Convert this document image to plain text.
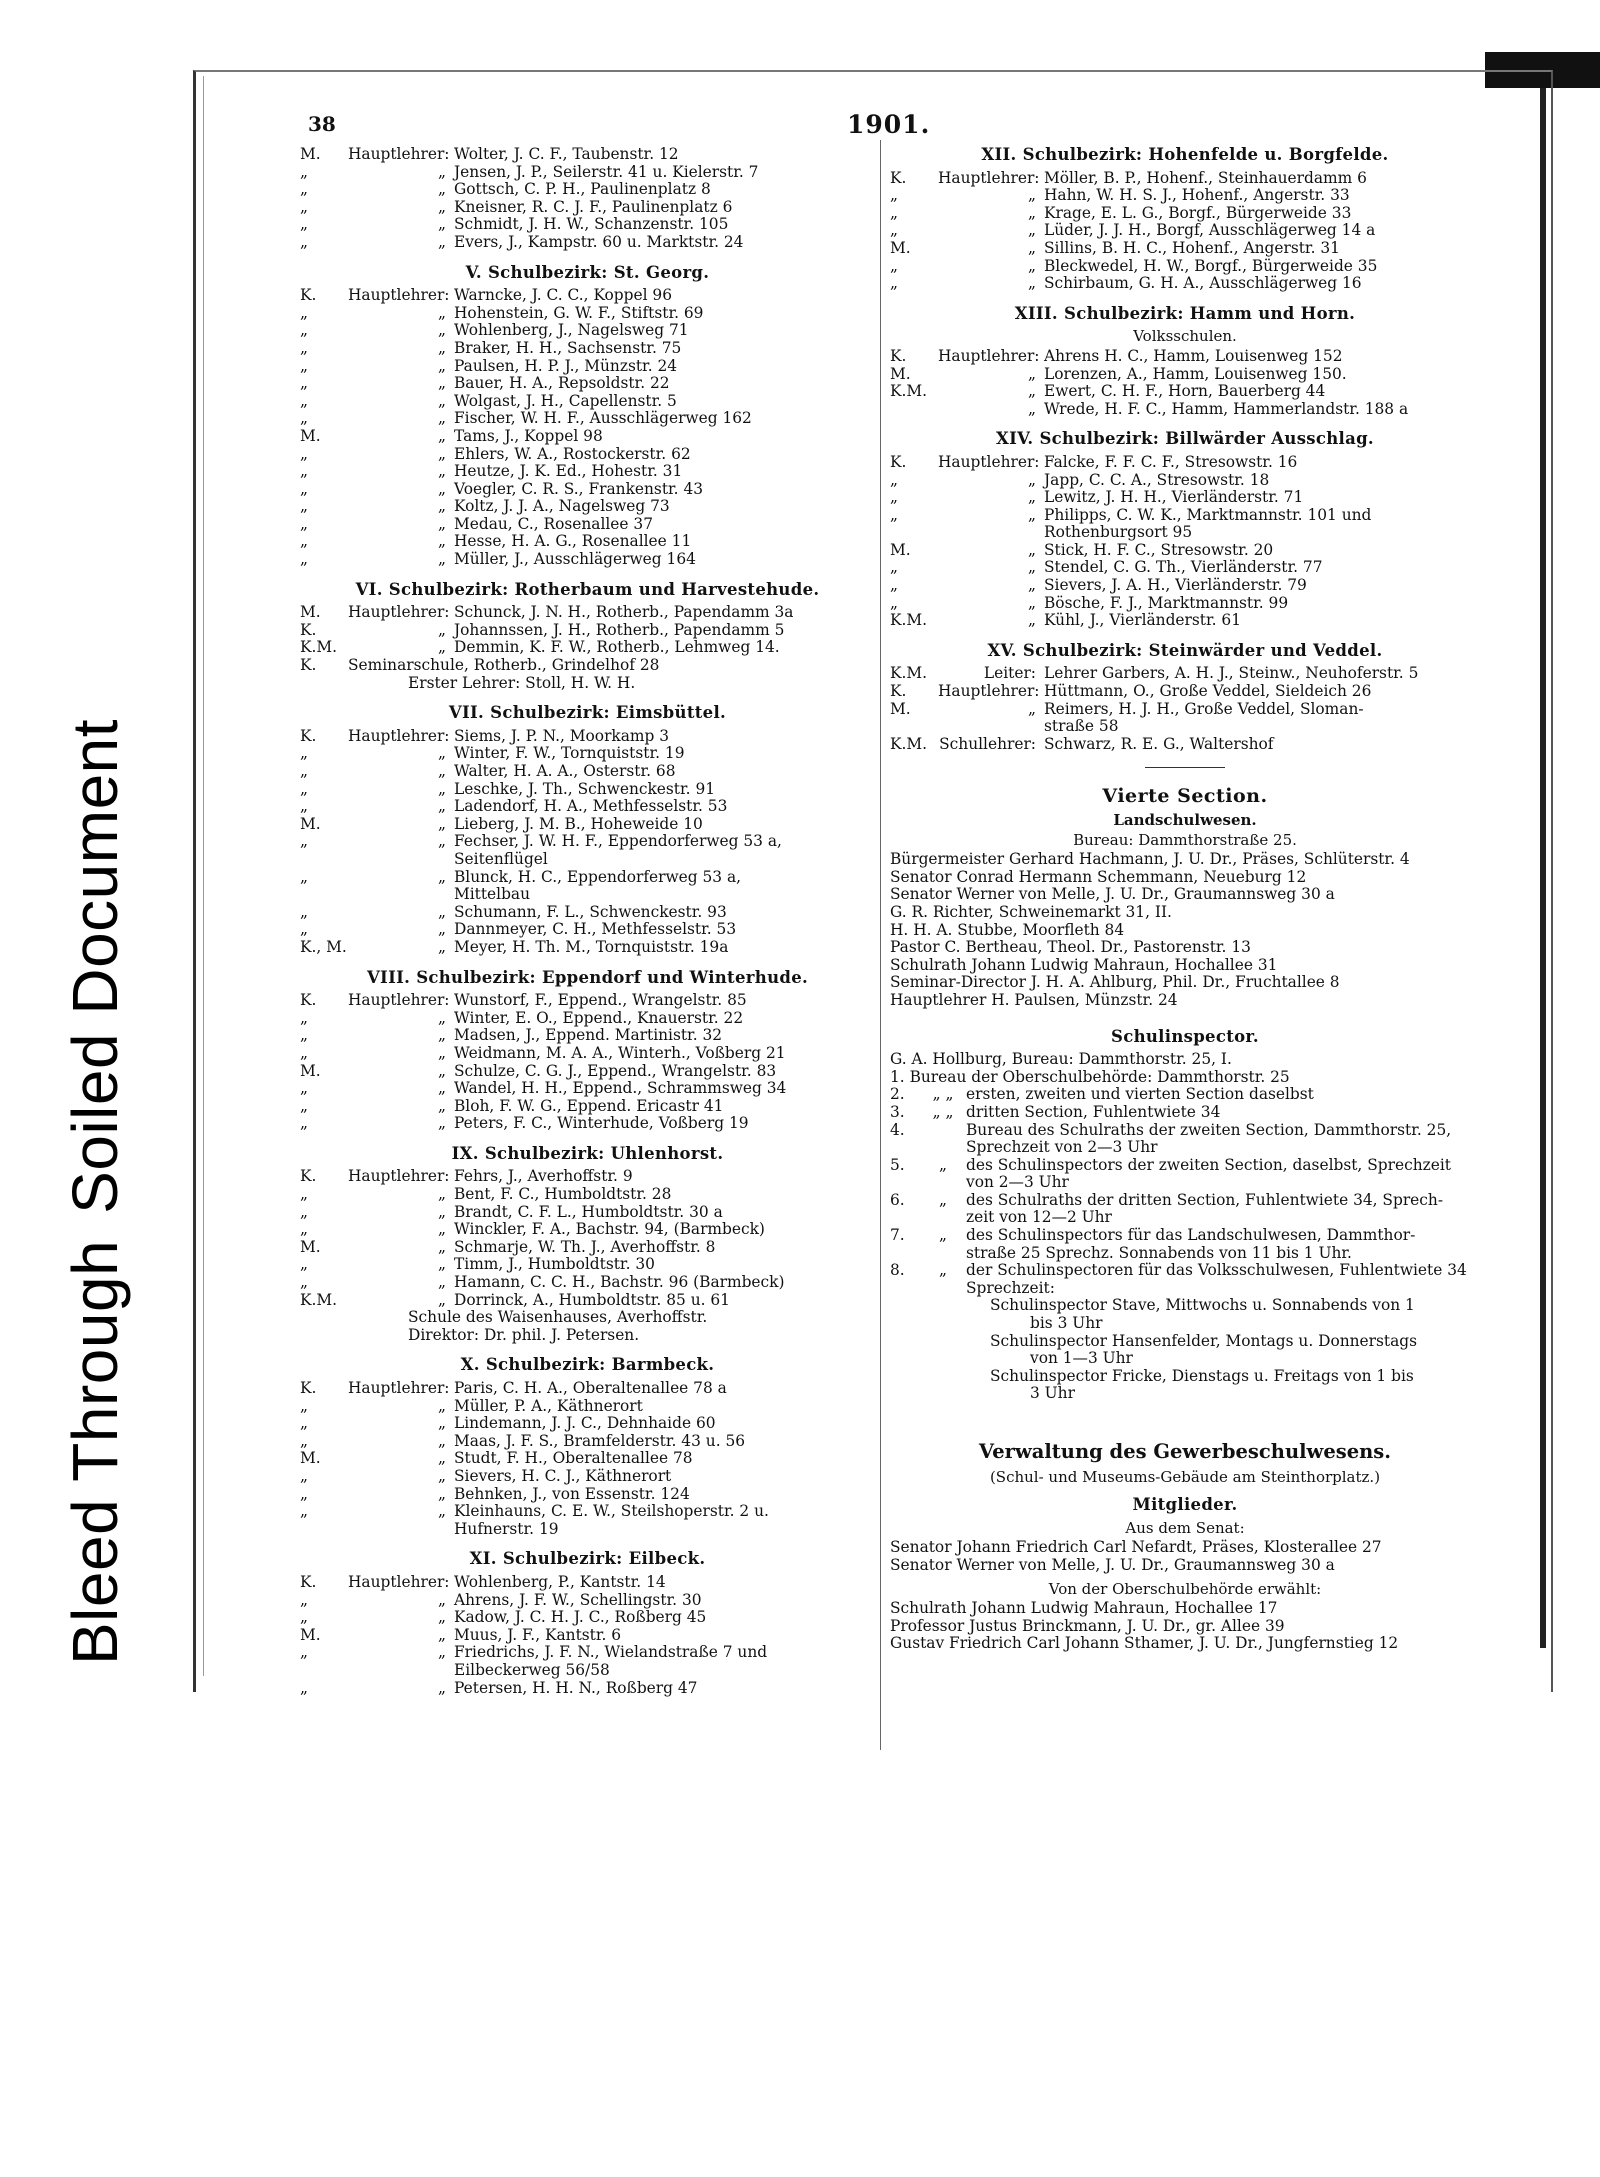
Bleed Through
Soiled Document
38	1901.
M.	Hauptlehrer: Wolter, J. C. F., Taubenstr. 12
„	„ Jensen, J. P., Seilerstr. 41 u. Kielerstr. 7
„	„ Gottsch, C. P. H., Paulinenplatz 8
„	„ Kneisner, R. C. J. F., Paulinenplatz 6
„	„ Schmidt, J. H. W., Schanzenstr. 105
„	„ Evers, J., Kampstr. 60 u. Marktstr. 24
V. Schulbezirk: St. Georg.
K.	Hauptlehrer: Warncke, J. C. C., Koppel 96
„	„ Hohenstein, G. W. F., Stiftstr. 69
„	„ Wohlenberg, J., Nagelsweg 71
„	„ Braker, H. H., Sachsenstr. 75
„	„ Paulsen, H. P. J., Münzstr. 24
„	„ Bauer, H. A., Repsoldstr. 22
„	„ Wolgast, J. H., Capellenstr. 5
„	„ Fischer, W. H. F., Ausschlägerweg 162
M.	„ Tams, J., Koppel 98
„	„ Ehlers, W. A., Rostockerstr. 62
„	„ Heutze, J. K. Ed., Hohestr. 31
„	„ Voegler, C. R. S., Frankenstr. 43
„	„ Koltz, J. J. A., Nagelsweg 73
„	„ Medau, C., Rosenallee 37
„	„ Hesse, H. A. G., Rosenallee 11
„	„ Müller, J., Ausschlägerweg 164
VI. Schulbezirk: Rotherbaum und Harvestehude.
M.	Hauptlehrer: Schunck, J. N. H., Rotherb., Papendamm 3a
K.	„ Johannssen, J. H., Rotherb., Papendamm 5
K.M.	„ Demmin, K. F. W., Rotherb., Lehmweg 14.
K.	Seminarschule, Rotherb., Grindelhof 28
Erster Lehrer: Stoll, H. W. H.
VII. Schulbezirk: Eimsbüttel.
K.	Hauptlehrer: Siems, J. P. N., Moorkamp 3
„	„ Winter, F. W., Tornquiststr. 19
„	„ Walter, H. A. A., Osterstr. 68
„	„ Leschke, J. Th., Schwenckestr. 91
„	„ Ladendorf, H. A., Methfesselstr. 53
M.	„ Lieberg, J. M. B., Hoheweide 10
„	„ Fechser, J. W. H. F., Eppendorferweg 53 a,
Seitenflügel
„	„ Blunck, H. C., Eppendorferweg 53 a,
Mittelbau
„	„ Schumann, F. L., Schwenckestr. 93
„	„ Dannmeyer, C. H., Methfesselstr. 53
K., M.	„ Meyer, H. Th. M., Tornquiststr. 19a
VIII. Schulbezirk: Eppendorf und Winterhude.
K.	Hauptlehrer: Wunstorf, F., Eppend., Wrangelstr. 85
„	„ Winter, E. O., Eppend., Knauerstr. 22
„	„ Madsen, J., Eppend. Martinistr. 32
„	„ Weidmann, M. A. A., Winterh., Voßberg 21
M.	„ Schulze, C. G. J., Eppend., Wrangelstr. 83
„	„ Wandel, H. H., Eppend., Schrammsweg 34
„	„ Bloh, F. W. G., Eppend. Ericastr 41
„	„ Peters, F. C., Winterhude, Voßberg 19
IX. Schulbezirk: Uhlenhorst.
K.	Hauptlehrer: Fehrs, J., Averhoffstr. 9
„	„ Bent, F. C., Humboldtstr. 28
„	„ Brandt, C. F. L., Humboldtstr. 30 a
„	„ Winckler, F. A., Bachstr. 94, (Barmbeck)
M.	„ Schmarje, W. Th. J., Averhoffstr. 8
„	„ Timm, J., Humboldtstr. 30
„	„ Hamann, C. C. H., Bachstr. 96 (Barmbeck)
K.M.	„ Dorrinck, A., Humboldtstr. 85 u. 61
Schule des Waisenhauses, Averhoffstr.
Direktor: Dr. phil. J. Petersen.
X. Schulbezirk: Barmbeck.
K.	Hauptlehrer: Paris, C. H. A., Oberaltenallee 78 a
„	„ Müller, P. A., Käthnerort
„	„ Lindemann, J. J. C., Dehnhaide 60
„	„ Maas, J. F. S., Bramfelderstr. 43 u. 56
M.	„ Studt, F. H., Oberaltenallee 78
„	„ Sievers, H. C. J., Käthnerort
„	„ Behnken, J., von Essenstr. 124
„	„ Kleinhauns, C. E. W., Steilshoperstr. 2 u.
Hufnerstr. 19
XI. Schulbezirk: Eilbeck.
K.	Hauptlehrer: Wohlenberg, P., Kantstr. 14
„	„ Ahrens, J. F. W., Schellingstr. 30
„	„ Kadow, J. C. H. J. C., Roßberg 45
M.	„ Muus, J. F., Kantstr. 6
„	„ Friedrichs, J. F. N., Wielandstraße 7 und
Eilbeckerweg 56/58
„	„ Petersen, H. H. N., Roßberg 47
XII. Schulbezirk: Hohenfelde u. Borgfelde.
K.	Hauptlehrer: Möller, B. P., Hohenf., Steinhauerdamm 6
„	„ Hahn, W. H. S. J., Hohenf., Angerstr. 33
„	„ Krage, E. L. G., Borgf., Bürgerweide 33
„	„ Lüder, J. J. H., Borgf, Ausschlägerweg 14 a
M.	„ Sillins, B. H. C., Hohenf., Angerstr. 31
„	„ Bleckwedel, H. W., Borgf., Bürgerweide 35
„	„ Schirbaum, G. H. A., Ausschlägerweg 16
XIII. Schulbezirk: Hamm und Horn.
Volksschulen.
K.	Hauptlehrer: Ahrens H. C., Hamm, Louisenweg 152
M.	„ Lorenzen, A., Hamm, Louisenweg 150.
K.M.	„ Ewert, C. H. F., Horn, Bauerberg 44
„ Wrede, H. F. C., Hamm, Hammerlandstr. 188 a
XIV. Schulbezirk: Billwärder Ausschlag.
K.	Hauptlehrer: Falcke, F. F. C. F., Stresowstr. 16
„	„ Japp, C. C. A., Stresowstr. 18
„	„ Lewitz, J. H. H., Vierländerstr. 71
„	„ Philipps, C. W. K., Marktmannstr. 101 und
Rothenburgsort 95
M.	„ Stick, H. F. C., Stresowstr. 20
„	„ Stendel, C. G. Th., Vierländerstr. 77
„	„ Sievers, J. A. H., Vierländerstr. 79
„	„ Bösche, F. J., Marktmannstr. 99
K.M.	„ Kühl, J., Vierländerstr. 61
XV. Schulbezirk: Steinwärder und Veddel.
K.M.	Leiter: Lehrer Garbers, A. H. J., Steinw., Neuhoferstr. 5
K.	Hauptlehrer: Hüttmann, O., Große Veddel, Sieldeich 26
M.	„ Reimers, H. J. H., Große Veddel, Sloman-
straße 58
K.M. Schullehrer: Schwarz, R. E. G., Waltershof
Vierte Section.
Landschulwesen.
Bureau: Dammthorstraße 25.
Bürgermeister Gerhard Hachmann, J. U. Dr., Präses, Schlüterstr. 4
Senator Conrad Hermann Schemmann, Neueburg 12
Senator Werner von Melle, J. U. Dr., Graumannsweg 30 a
G. R. Richter, Schweinemarkt 31, II.
H. H. A. Stubbe, Moorfleth 84
Pastor C. Bertheau, Theol. Dr., Pastorenstr. 13
Schulrath Johann Ludwig Mahraun, Hochallee 31
Seminar-Director J. H. A. Ahlburg, Phil. Dr., Fruchtallee 8
Hauptlehrer H. Paulsen, Münzstr. 24
Schulinspector.
G. A. Hollburg, Bureau: Dammthorstr. 25, I.
1. Bureau der Oberschulbehörde: Dammthorstr. 25
2.	„ „ ersten, zweiten und vierten Section daselbst
3.	„ „ dritten Section, Fuhlentwiete 34
4.	Bureau des Schulraths der zweiten Section, Dammthorstr. 25,
Sprechzeit von 2—3 Uhr
5.	„	des Schulinspectors der zweiten Section, daselbst, Sprechzeit
von 2—3 Uhr
6.	„	des Schulraths der dritten Section, Fuhlentwiete 34, Sprech-
zeit von 12—2 Uhr
7.	„	des Schulinspectors für das Landschulwesen, Dammthor-
straße 25 Sprechz. Sonnabends von 11 bis 1 Uhr.
8.	„	der Schulinspectoren für das Volksschulwesen, Fuhlentwiete 34
Sprechzeit:
Schulinspector Stave, Mittwochs u. Sonnabends von 1
bis 3 Uhr
Schulinspector Hansenfelder, Montags u. Donnerstags
von 1—3 Uhr
Schulinspector Fricke, Dienstags u. Freitags von 1 bis
3 Uhr
Verwaltung des Gewerbeschulwesens.
(Schul- und Museums-Gebäude am Steinthorplatz.)
Mitglieder.
Aus dem Senat:
Senator Johann Friedrich Carl Nefardt, Präses, Klosterallee 27
Senator Werner von Melle, J. U. Dr., Graumannsweg 30 a
Von der Oberschulbehörde erwählt:
Schulrath Johann Ludwig Mahraun, Hochallee 17
Professor Justus Brinckmann, J. U. Dr., gr. Allee 39
Gustav Friedrich Carl Johann Sthamer, J. U. Dr., Jungfernstieg 12
